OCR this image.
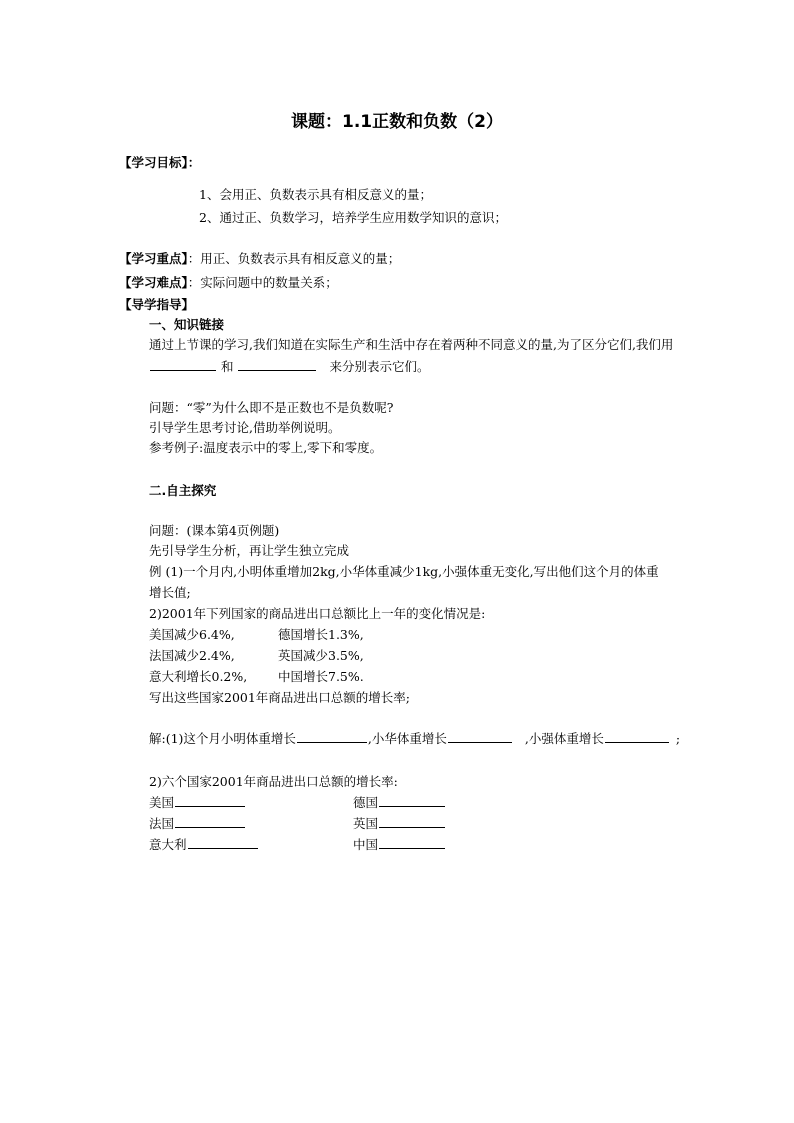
课题：1.1正数和负数（2）
【学习目标】：
1、会用正、负数表示具有相反意义的量；
2、通过正、负数学习，培养学生应用数学知识的意识；
【学习重点】：用正、负数表示具有相反意义的量；
【学习难点】：实际问题中的数量关系；
【导学指导】
一、知识链接
通过上节课的学习,我们知道在实际生产和生活中存在着两种不同意义的量,为了区分它们,我们用
和	来分别表示它们。
问题：“零”为什么即不是正数也不是负数呢?
引导学生思考讨论,借助举例说明。
参考例子:温度表示中的零上,零下和零度。
二.自主探究
问题：(课本第4页例题)
先引导学生分析，再让学生独立完成
例 (1)一个月内,小明体重增加2kg,小华体重减少1kg,小强体重无变化,写出他们这个月的体重
增长值;
2)2001年下列国家的商品进出口总额比上一年的变化情况是:
美国减少6.4%,	德国增长1.3%,
法国减少2.4%,	英国减少3.5%,
意大利增长0.2%, 中国增长7.5%.
写出这些国家2001年商品进出口总额的增长率;
解:(1)这个月小明体重增长	,小华体重增长	,小强体重增长	;
2)六个国家2001年商品进出口总额的增长率:
美国	德国
法国	英国
意大利	中国
